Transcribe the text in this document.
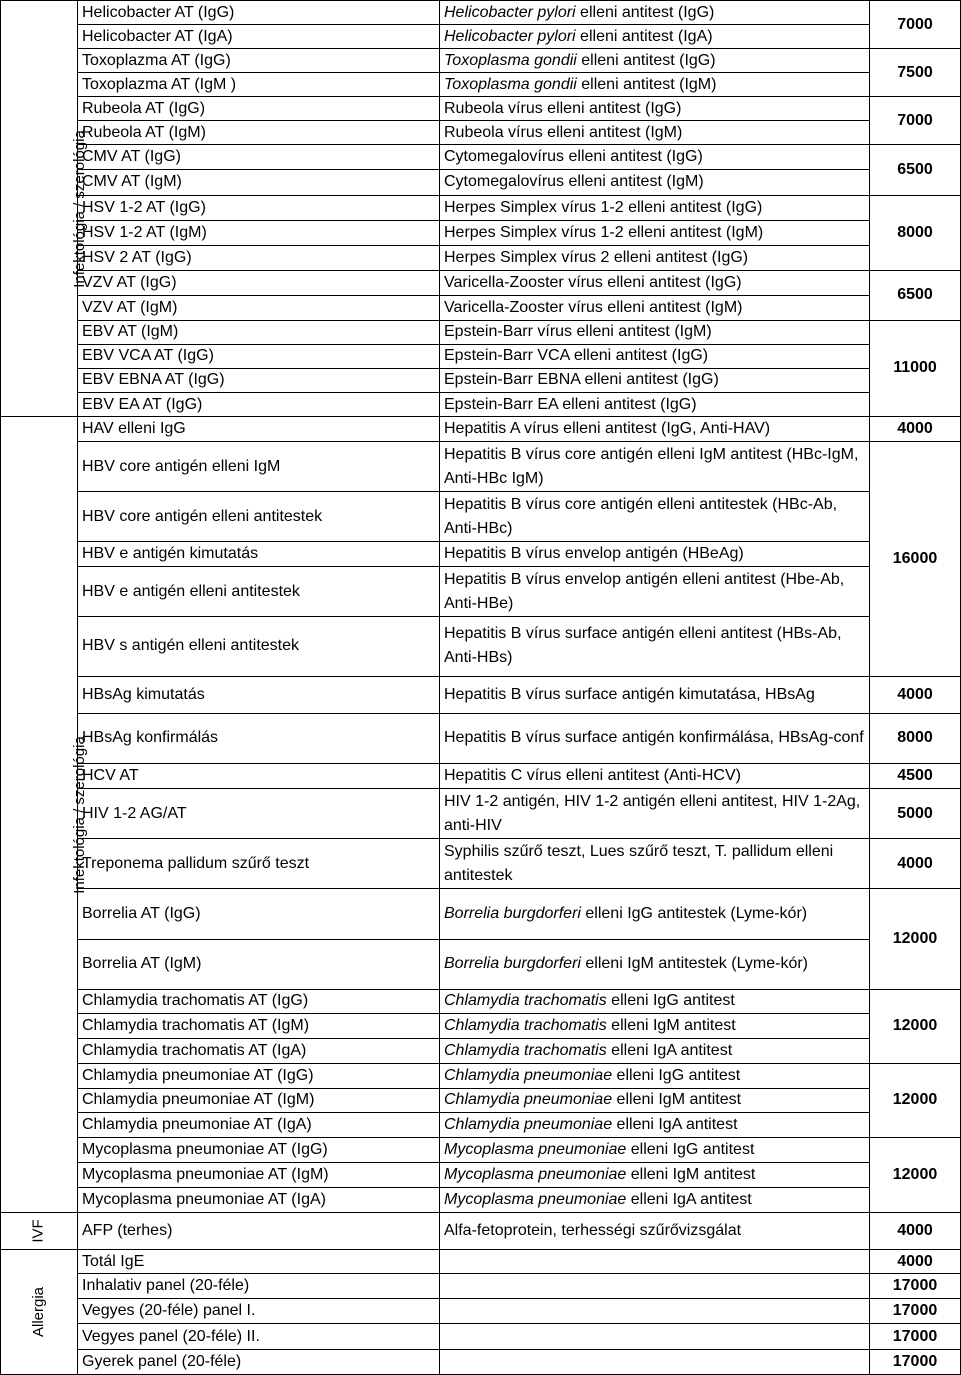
Infektológia / szerológia	Helicobacter AT (IgG)	Helicobacter pylori elleni antitest (IgG)	7000
	Helicobacter AT (IgA)	Helicobacter pylori elleni antitest (IgA)	
	Toxoplazma AT (IgG)	Toxoplasma gondii elleni antitest (IgG)	7500
	Toxoplazma AT (IgM )	Toxoplasma gondii elleni antitest (IgM)	
	Rubeola AT (IgG)	Rubeola vírus elleni antitest (IgG)	7000
	Rubeola AT (IgM)	Rubeola vírus elleni antitest (IgM)	
	CMV AT (IgG)	Cytomegalovírus elleni antitest (IgG)	6500
	CMV AT (IgM)	Cytomegalovírus elleni antitest (IgM)	
	HSV 1-2 AT (IgG)	Herpes Simplex vírus 1-2 elleni antitest (IgG)	8000
	HSV 1-2 AT (IgM)	Herpes Simplex vírus 1-2 elleni antitest (IgM)	
	HSV 2 AT (IgG)	Herpes Simplex vírus 2 elleni antitest (IgG)	
	VZV AT (IgG)	Varicella-Zooster vírus elleni antitest (IgG)	6500
	VZV AT (IgM)	Varicella-Zooster vírus elleni antitest (IgM)	
	EBV AT (IgM)	Epstein-Barr vírus elleni antitest (IgM)	11000
	EBV VCA AT (IgG)	Epstein-Barr VCA elleni antitest (IgG)	
	EBV EBNA AT (IgG)	Epstein-Barr EBNA elleni antitest (IgG)	
	EBV EA AT (IgG)	Epstein-Barr EA elleni antitest (IgG)	
Infektológia / szerológia	HAV elleni IgG	Hepatitis A vírus elleni antitest (IgG, Anti-HAV)	4000
	HBV core antigén elleni IgM	Hepatitis B vírus core antigén elleni IgM antitest (HBc-IgM, Anti-HBc IgM)	16000
	HBV core antigén elleni antitestek	Hepatitis B vírus core antigén elleni antitestek (HBc-Ab, Anti-HBc)	
	HBV e antigén kimutatás	Hepatitis B vírus envelop antigén (HBeAg)	
	HBV e antigén elleni antitestek	Hepatitis B vírus envelop antigén elleni antitest (Hbe-Ab, Anti-HBe)	
	HBV s antigén elleni antitestek	Hepatitis B vírus surface antigén elleni antitest (HBs-Ab, Anti-HBs)	
	HBsAg kimutatás	Hepatitis B vírus surface antigén kimutatása, HBsAg	4000
	HBsAg konfirmálás	Hepatitis B vírus surface antigén konfirmálása, HBsAg-conf	8000
	HCV AT	Hepatitis C vírus elleni antitest (Anti-HCV)	4500
	HIV 1-2 AG/AT	HIV 1-2 antigén, HIV 1-2 antigén elleni antitest, HIV 1-2Ag, anti-HIV	5000
	Treponema pallidum szűrő teszt	Syphilis szűrő teszt, Lues szűrő teszt, T. pallidum elleni antitestek	4000
	Borrelia AT (IgG)	Borrelia burgdorferi elleni IgG antitestek (Lyme-kór)	12000
	Borrelia AT (IgM)	Borrelia burgdorferi elleni IgM antitestek (Lyme-kór)	
	Chlamydia trachomatis AT (IgG)	Chlamydia trachomatis elleni IgG antitest	12000
	Chlamydia trachomatis AT (IgM)	Chlamydia trachomatis elleni IgM antitest	
	Chlamydia trachomatis AT (IgA)	Chlamydia trachomatis elleni IgA antitest	
	Chlamydia pneumoniae AT (IgG)	Chlamydia pneumoniae elleni IgG antitest	12000
	Chlamydia pneumoniae AT (IgM)	Chlamydia pneumoniae elleni IgM antitest	
	Chlamydia pneumoniae AT (IgA)	Chlamydia pneumoniae elleni IgA antitest	
	Mycoplasma pneumoniae AT (IgG)	Mycoplasma pneumoniae elleni IgG antitest	12000
	Mycoplasma pneumoniae AT (IgM)	Mycoplasma pneumoniae elleni IgM antitest	
	Mycoplasma pneumoniae AT (IgA)	Mycoplasma pneumoniae elleni IgA antitest	
IVF	AFP (terhes)	Alfa-fetoprotein, terhességi szűrővizsgálat	4000
Allergia	Totál IgE		4000
	Inhalativ panel (20-féle)		17000
	Vegyes (20-féle) panel I.		17000
	Vegyes panel (20-féle) II.		17000
	Gyerek panel (20-féle)		17000
